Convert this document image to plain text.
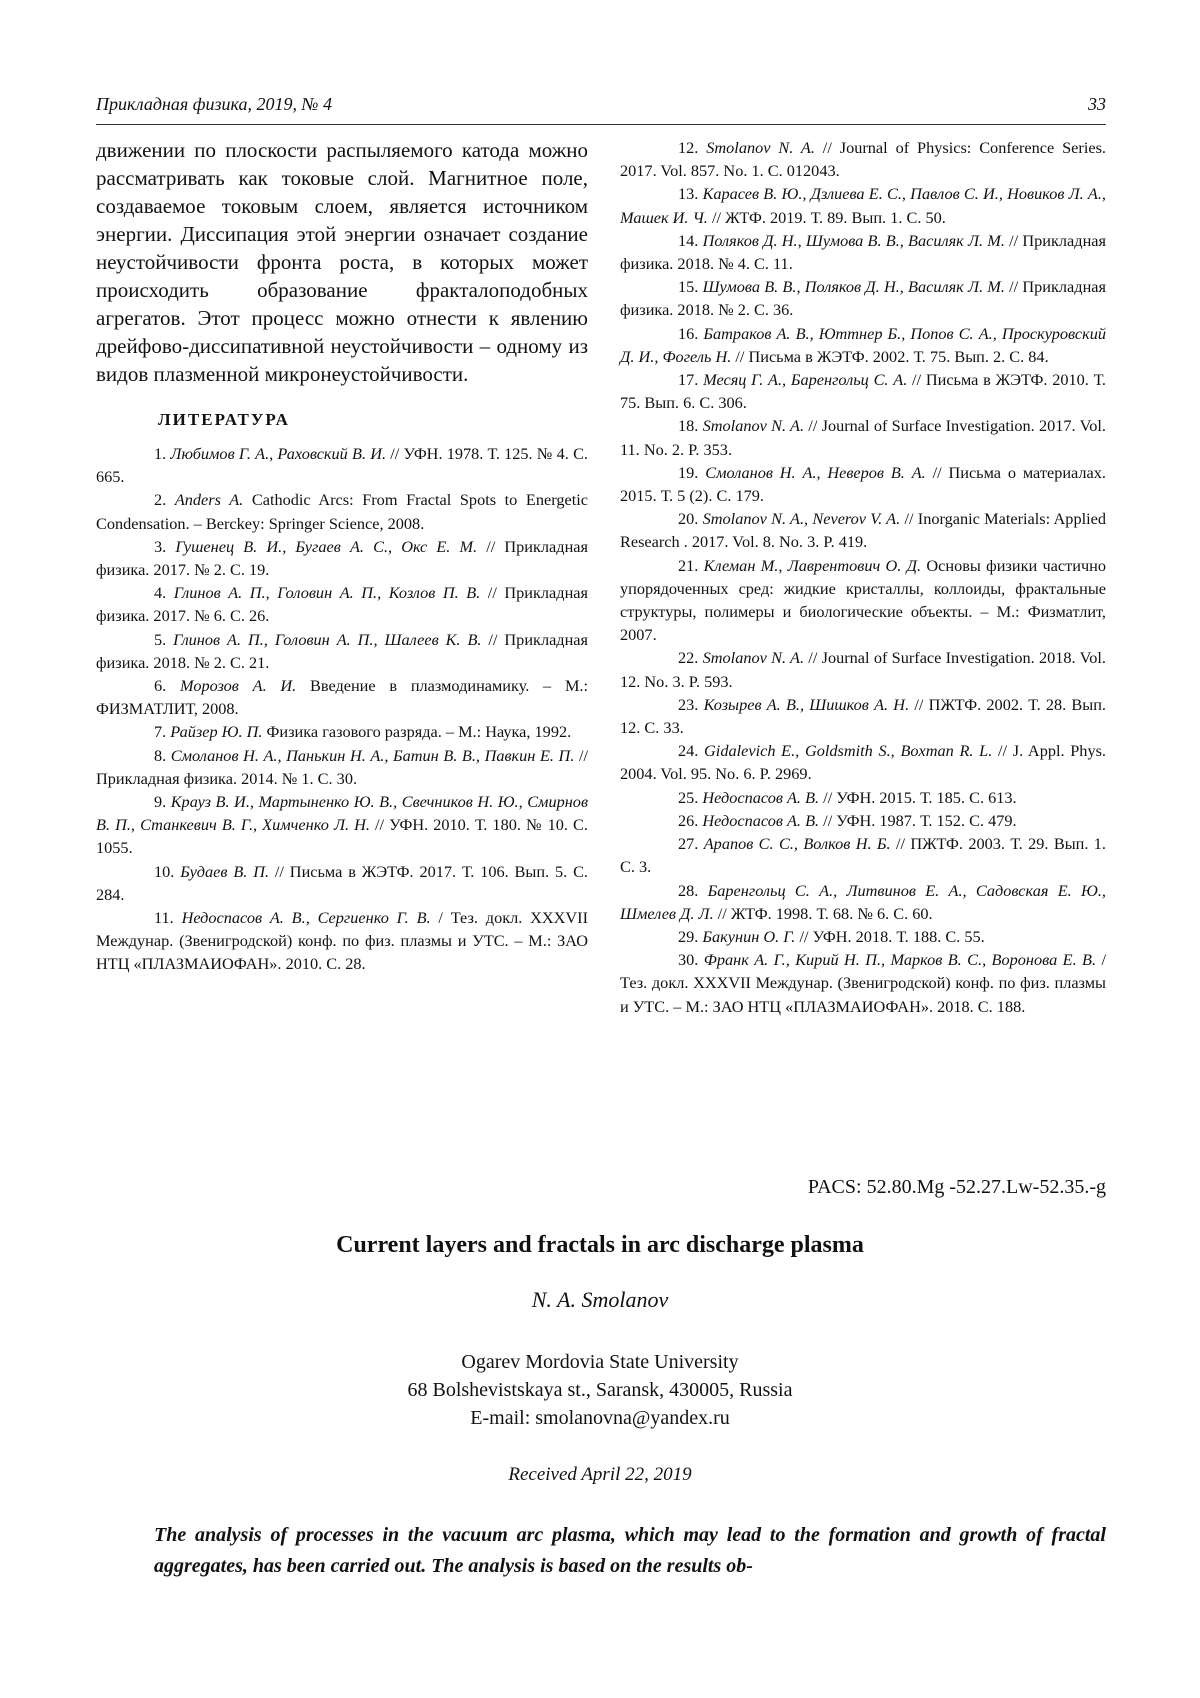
Прикладная физика, 2019, № 4	33

движении по плоскости распыляемого катода можно рассматривать как токовые слой. Магнитное поле, создаваемое токовым слоем, является источником энергии. Диссипация этой энергии означает создание неустойчивости фронта роста, в которых может происходить образование фракталоподобных агрегатов. Этот процесс можно отнести к явлению дрейфово-диссипативной неустойчивости – одному из видов плазменной микронеустойчивости.

ЛИТЕРАТУРА

1. Любимов Г. А., Раховский В. И. // УФН. 1978. Т. 125. № 4. С. 665.

2. Anders A. Cathodic Arcs: From Fractal Spots to Energetic Condensation. – Berckey: Springer Science, 2008.

3. Гушенец В. И., Бугаев А. С., Окс Е. М. // Прикладная физика. 2017. № 2. С. 19.

4. Глинов А. П., Головин А. П., Козлов П. В. // Прикладная физика. 2017. № 6. С. 26.

5. Глинов А. П., Головин А. П., Шалеев К. В. // Прикладная физика. 2018. № 2. С. 21.

6. Морозов А. И. Введение в плазмодинамику. – М.: ФИЗМАТЛИТ, 2008.

7. Райзер Ю. П. Физика газового разряда. – М.: Наука, 1992.

8. Смоланов Н. А., Панькин Н. А., Батин В. В., Павкин Е. П. // Прикладная физика. 2014. № 1. С. 30.

9. Крауз В. И., Мартыненко Ю. В., Свечников Н. Ю., Смирнов В. П., Станкевич В. Г., Химченко Л. Н. // УФН. 2010. Т. 180. № 10. С. 1055.

10. Будаев В. П. // Письма в ЖЭТФ. 2017. Т. 106. Вып. 5. С. 284.

11. Недоспасов А. В., Сергиенко Г. В. / Тез. докл. XXXVII Междунар. (Звенигродской) конф. по физ. плазмы и УТС. – М.: ЗАО НТЦ «ПЛАЗМАИОФАН». 2010. С. 28.

12. Smolanov N. A. // Journal of Physics: Conference Series. 2017. Vol. 857. No. 1. С. 012043.

13. Карасев В. Ю., Дзлиева Е. С., Павлов С. И., Новиков Л. А., Машек И. Ч. // ЖТФ. 2019. Т. 89. Вып. 1. С. 50.

14. Поляков Д. Н., Шумова В. В., Василяк Л. М. // Прикладная физика. 2018. № 4. С. 11.

15. Шумова В. В., Поляков Д. Н., Василяк Л. М. // Прикладная физика. 2018. № 2. С. 36.

16. Батраков А. В., Юттнер Б., Попов С. А., Проскуровский Д. И., Фогель Н. // Письма в ЖЭТФ. 2002. Т. 75. Вып. 2. С. 84.

17. Месяц Г. А., Баренгольц С. А. // Письма в ЖЭТФ. 2010. Т. 75. Вып. 6. С. 306.

18. Smolanov N. A. // Journal of Surface Investigation. 2017. Vol. 11. No. 2. P. 353.

19. Смоланов Н. А., Неверов В. А. // Письма о материалах. 2015. Т. 5 (2). С. 179.

20. Smolanov N. A., Neverov V. A. // Inorganic Materials: Applied Research . 2017. Vol. 8. No. 3. P. 419.

21. Клеман М., Лаврентович О. Д. Основы физики частично упорядоченных сред: жидкие кристаллы, коллоиды, фрактальные структуры, полимеры и биологические объекты. – М.: Физматлит, 2007.

22. Smolanov N. A. // Journal of Surface Investigation. 2018. Vol. 12. No. 3. P. 593.

23. Козырев А. В., Шишков А. Н. // ПЖТФ. 2002. Т. 28. Вып. 12. С. 33.

24. Gidalevich E., Goldsmith S., Boxman R. L. // J. Appl. Phys. 2004. Vol. 95. No. 6. P. 2969.

25. Недоспасов А. В. // УФН. 2015. Т. 185. С. 613.

26. Недоспасов А. В. // УФН. 1987. Т. 152. С. 479.

27. Арапов С. С., Волков Н. Б. // ПЖТФ. 2003. Т. 29. Вып. 1. С. 3.

28. Баренгольц С. А., Литвинов Е. А., Садовская Е. Ю., Шмелев Д. Л. // ЖТФ. 1998. Т. 68. № 6. С. 60.

29. Бакунин О. Г. // УФН. 2018. Т. 188. С. 55.

30. Франк А. Г., Кирий Н. П., Марков В. С., Воронова Е. В. / Тез. докл. XXXVII Междунар. (Звенигродской) конф. по физ. плазмы и УТС. – М.: ЗАО НТЦ «ПЛАЗМАИОФАН». 2018. С. 188.

PACS: 52.80.Mg -52.27.Lw-52.35.-g
Current layers and fractals in arc discharge plasma
N. A. Smolanov
Ogarev Mordovia State University
68 Bolshevistskaya st., Saransk, 430005, Russia
E-mail: smolanovna@yandex.ru
Received April 22, 2019
The analysis of processes in the vacuum arc plasma, which may lead to the formation and growth of fractal aggregates, has been carried out. The analysis is based on the results ob-
